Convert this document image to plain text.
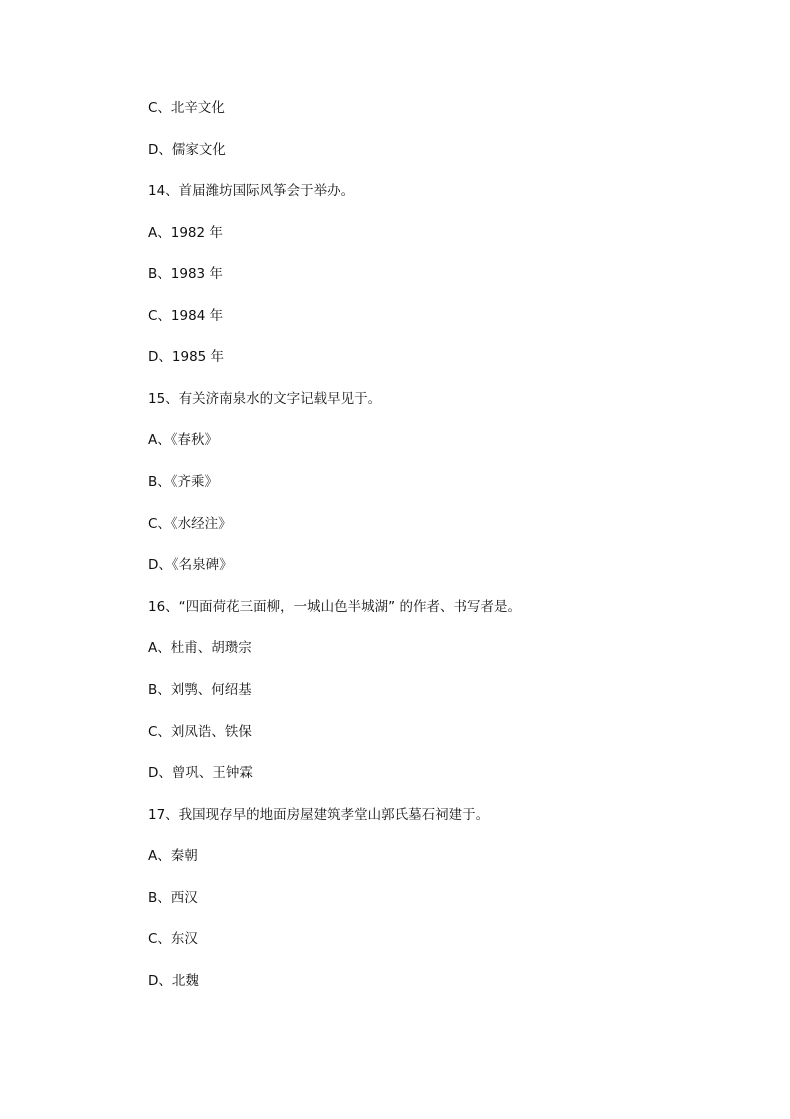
C、北辛文化
D、儒家文化
14、首届潍坊国际风筝会于举办。
A、1982 年
B、1983 年
C、1984 年
D、1985 年
15、有关济南泉水的文字记载早见于。
A、《春秋》
B、《齐乘》
C、《水经注》
D、《名泉碑》
16、“四面荷花三面柳，一城山色半城湖” 的作者、书写者是。
A、杜甫、胡瓒宗
B、刘鹗、何绍基
C、刘凤诰、铁保
D、曾巩、王钟霖
17、我国现存早的地面房屋建筑孝堂山郭氏墓石祠建于。
A、秦朝
B、西汉
C、东汉
D、北魏
